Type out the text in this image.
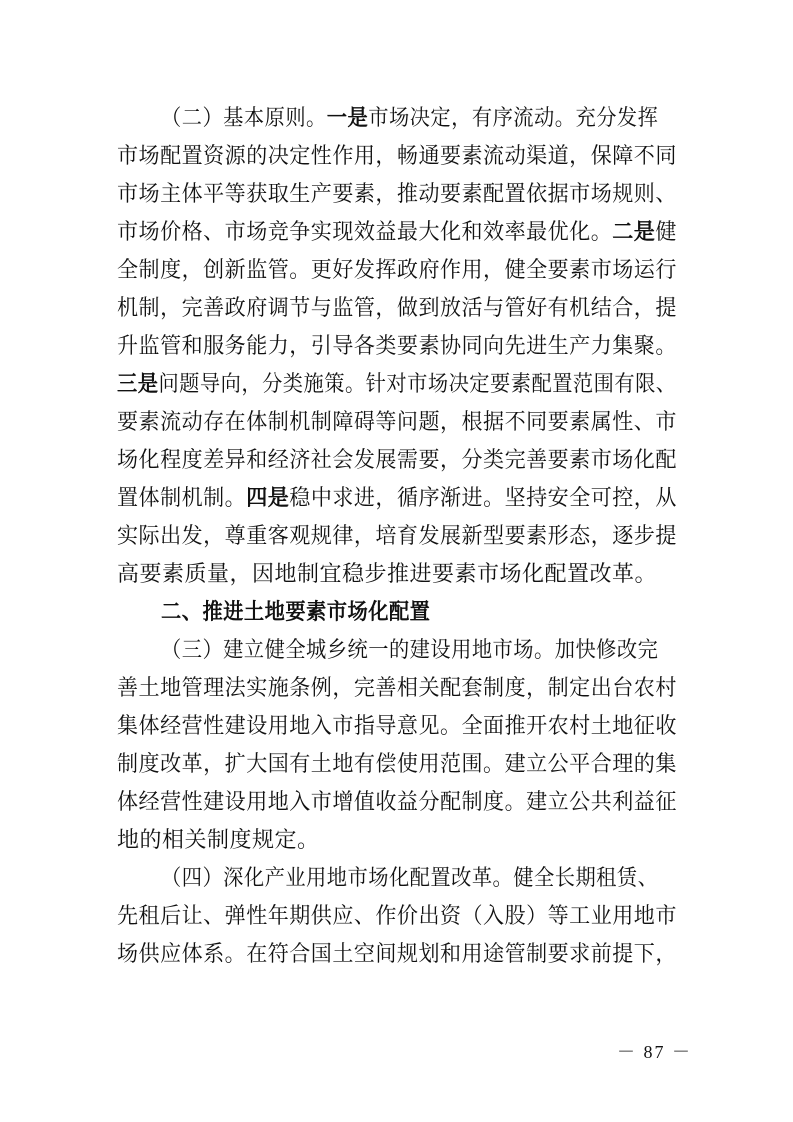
（二）基本原则。一是市场决定，有序流动。充分发挥
市场配置资源的决定性作用，畅通要素流动渠道，保障不同
市场主体平等获取生产要素，推动要素配置依据市场规则、
市场价格、市场竞争实现效益最大化和效率最优化。二是健
全制度，创新监管。更好发挥政府作用，健全要素市场运行
机制，完善政府调节与监管，做到放活与管好有机结合，提
升监管和服务能力，引导各类要素协同向先进生产力集聚。
三是问题导向，分类施策。针对市场决定要素配置范围有限、
要素流动存在体制机制障碍等问题，根据不同要素属性、市
场化程度差异和经济社会发展需要，分类完善要素市场化配
置体制机制。四是稳中求进，循序渐进。坚持安全可控，从
实际出发，尊重客观规律，培育发展新型要素形态，逐步提
高要素质量，因地制宜稳步推进要素市场化配置改革。
二、推进土地要素市场化配置
（三）建立健全城乡统一的建设用地市场。加快修改完
善土地管理法实施条例，完善相关配套制度，制定出台农村
集体经营性建设用地入市指导意见。全面推开农村土地征收
制度改革，扩大国有土地有偿使用范围。建立公平合理的集
体经营性建设用地入市增值收益分配制度。建立公共利益征
地的相关制度规定。
（四）深化产业用地市场化配置改革。健全长期租赁、
先租后让、弹性年期供应、作价出资（入股）等工业用地市
场供应体系。在符合国土空间规划和用途管制要求前提下，
－ 87 －
